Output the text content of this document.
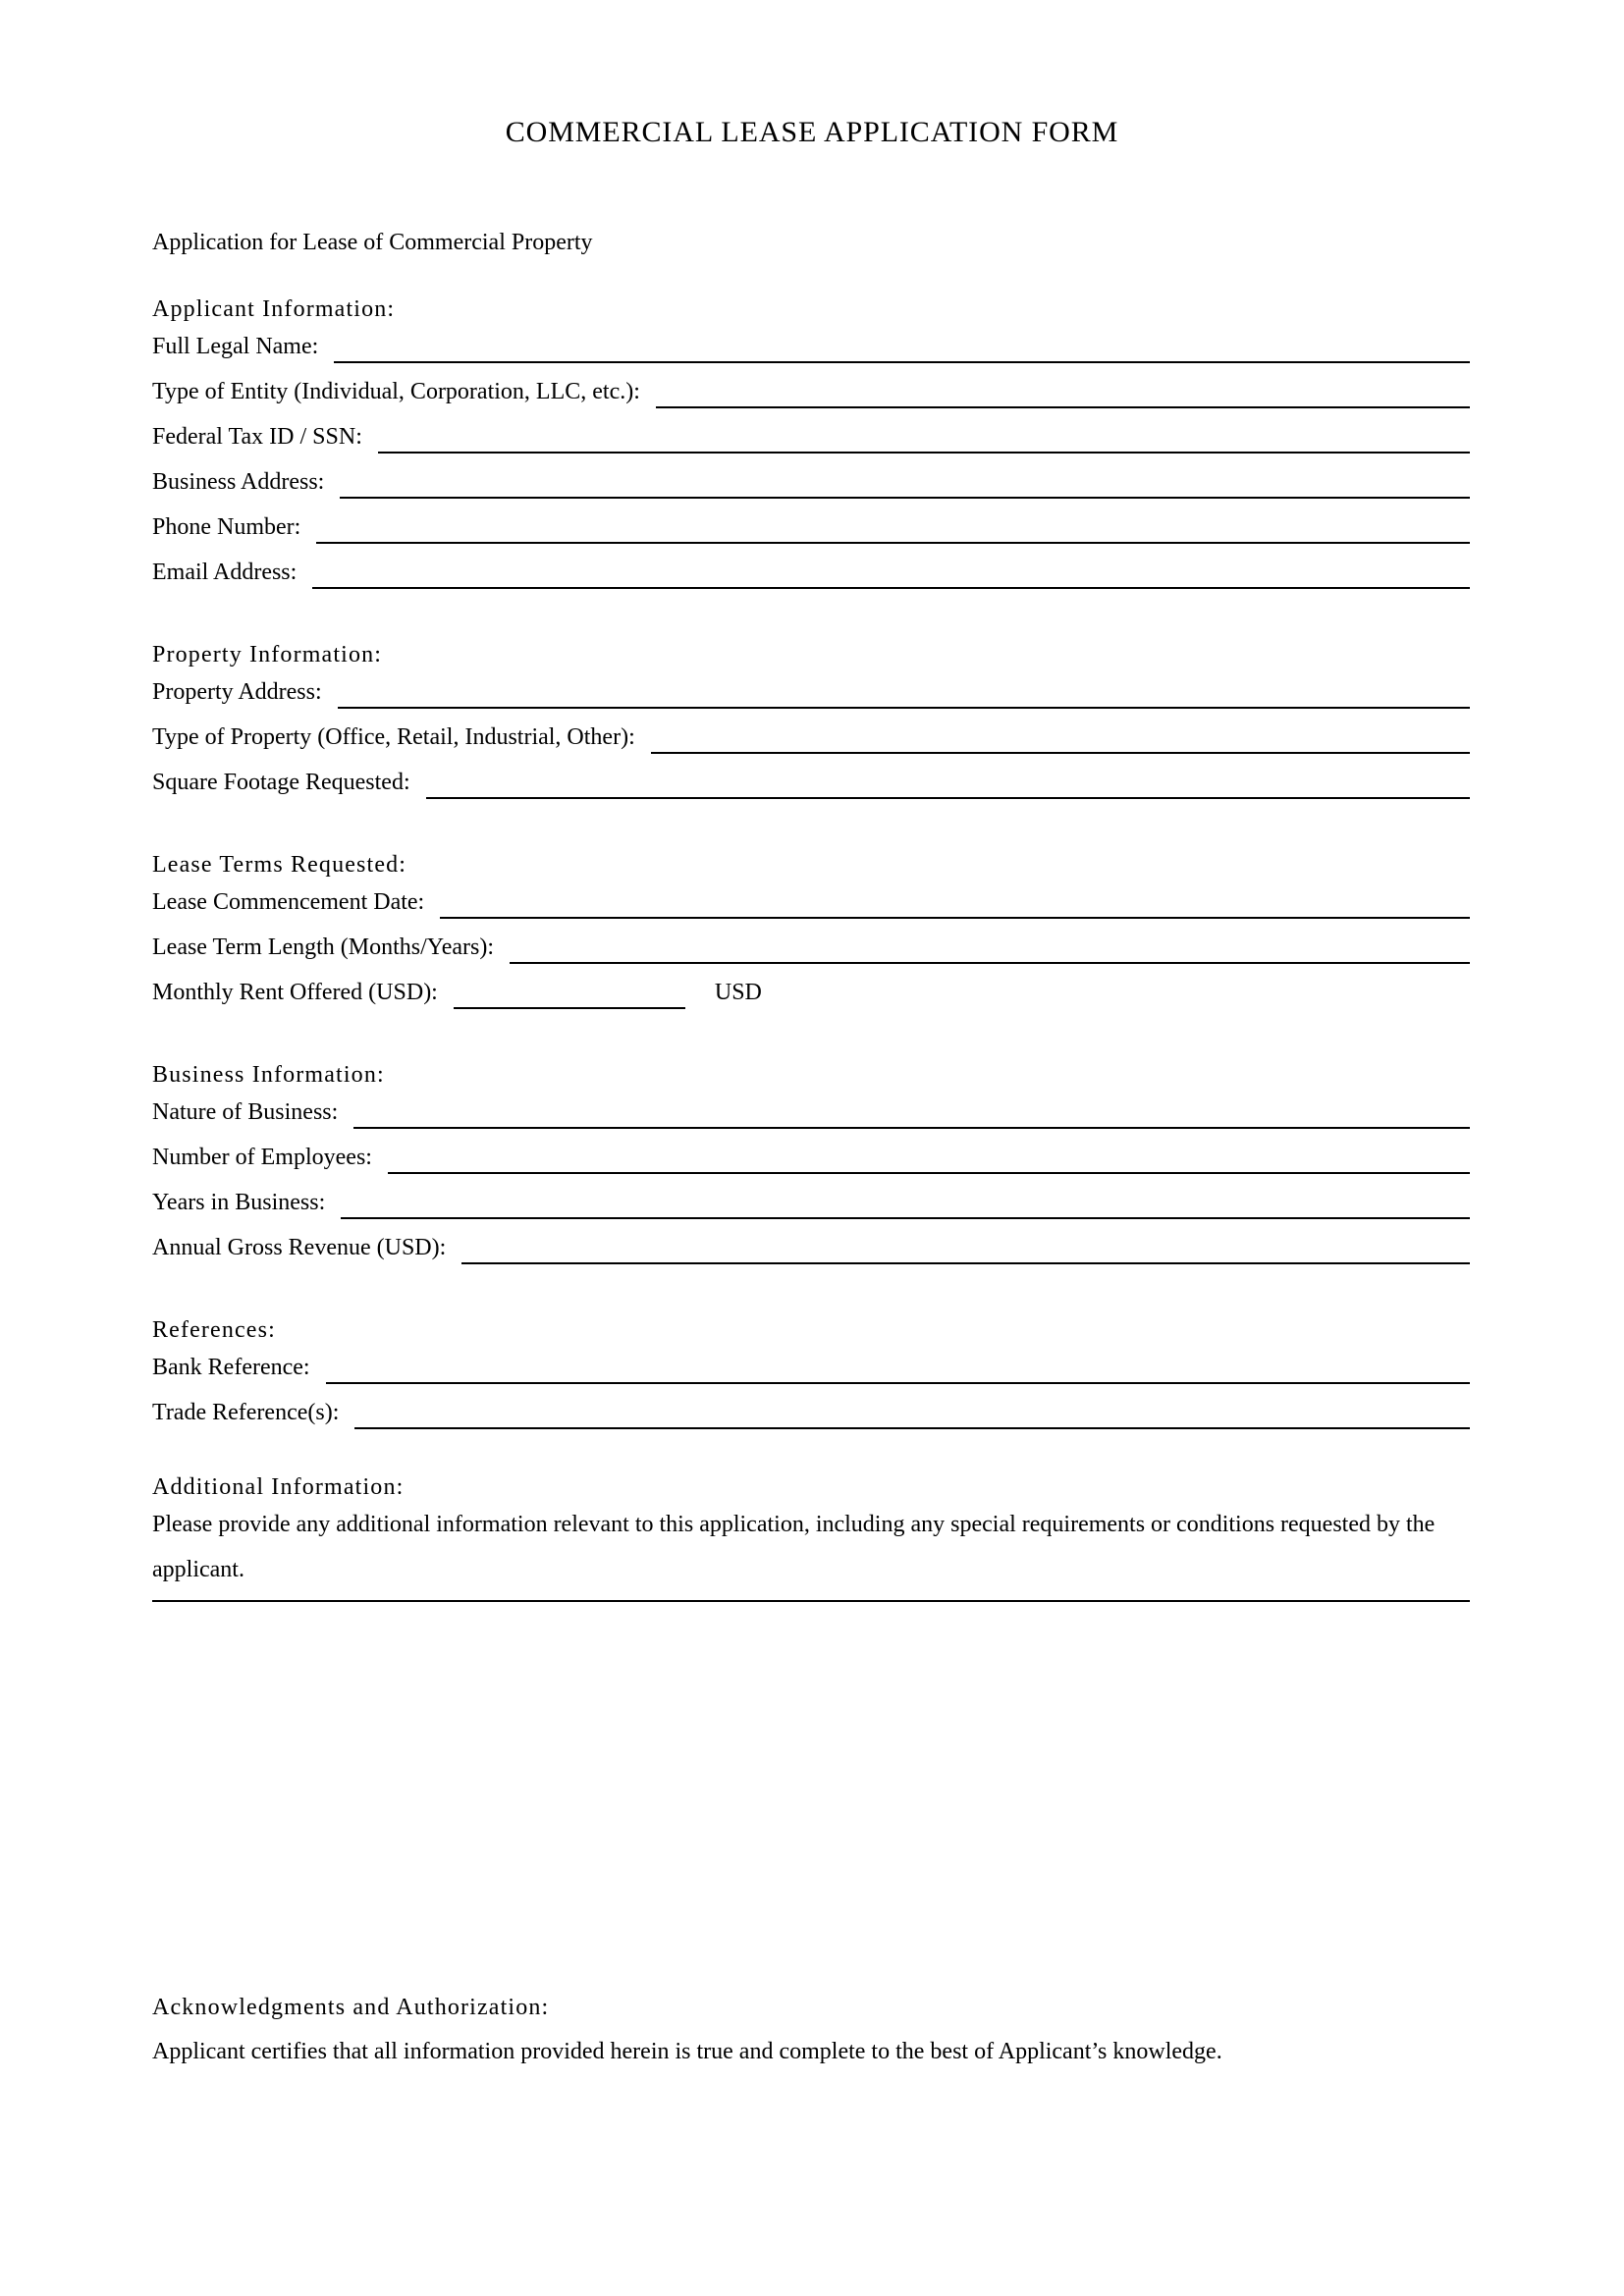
COMMERCIAL LEASE APPLICATION FORM

Application for Lease of Commercial Property

Applicant Information:
Full Legal Name:
Type of Entity (Individual, Corporation, LLC, etc.):
Federal Tax ID / SSN:
Business Address:
Phone Number:
Email Address:
Property Information:
Property Address:
Type of Property (Office, Retail, Industrial, Other):
Square Footage Requested:
Lease Terms Requested:
Lease Commencement Date:
Lease Term Length (Months/Years):
Monthly Rent Offered (USD):	USD
Business Information:
Nature of Business:
Number of Employees:
Years in Business:
Annual Gross Revenue (USD):
References:
Bank Reference:
Trade Reference(s):
Additional Information:

Please provide any additional information relevant to this application, including any special requirements or conditions requested by the applicant.

Acknowledgments and Authorization:
Applicant certifies that all information provided herein is true and complete to the best of Applicant’s knowledge.
